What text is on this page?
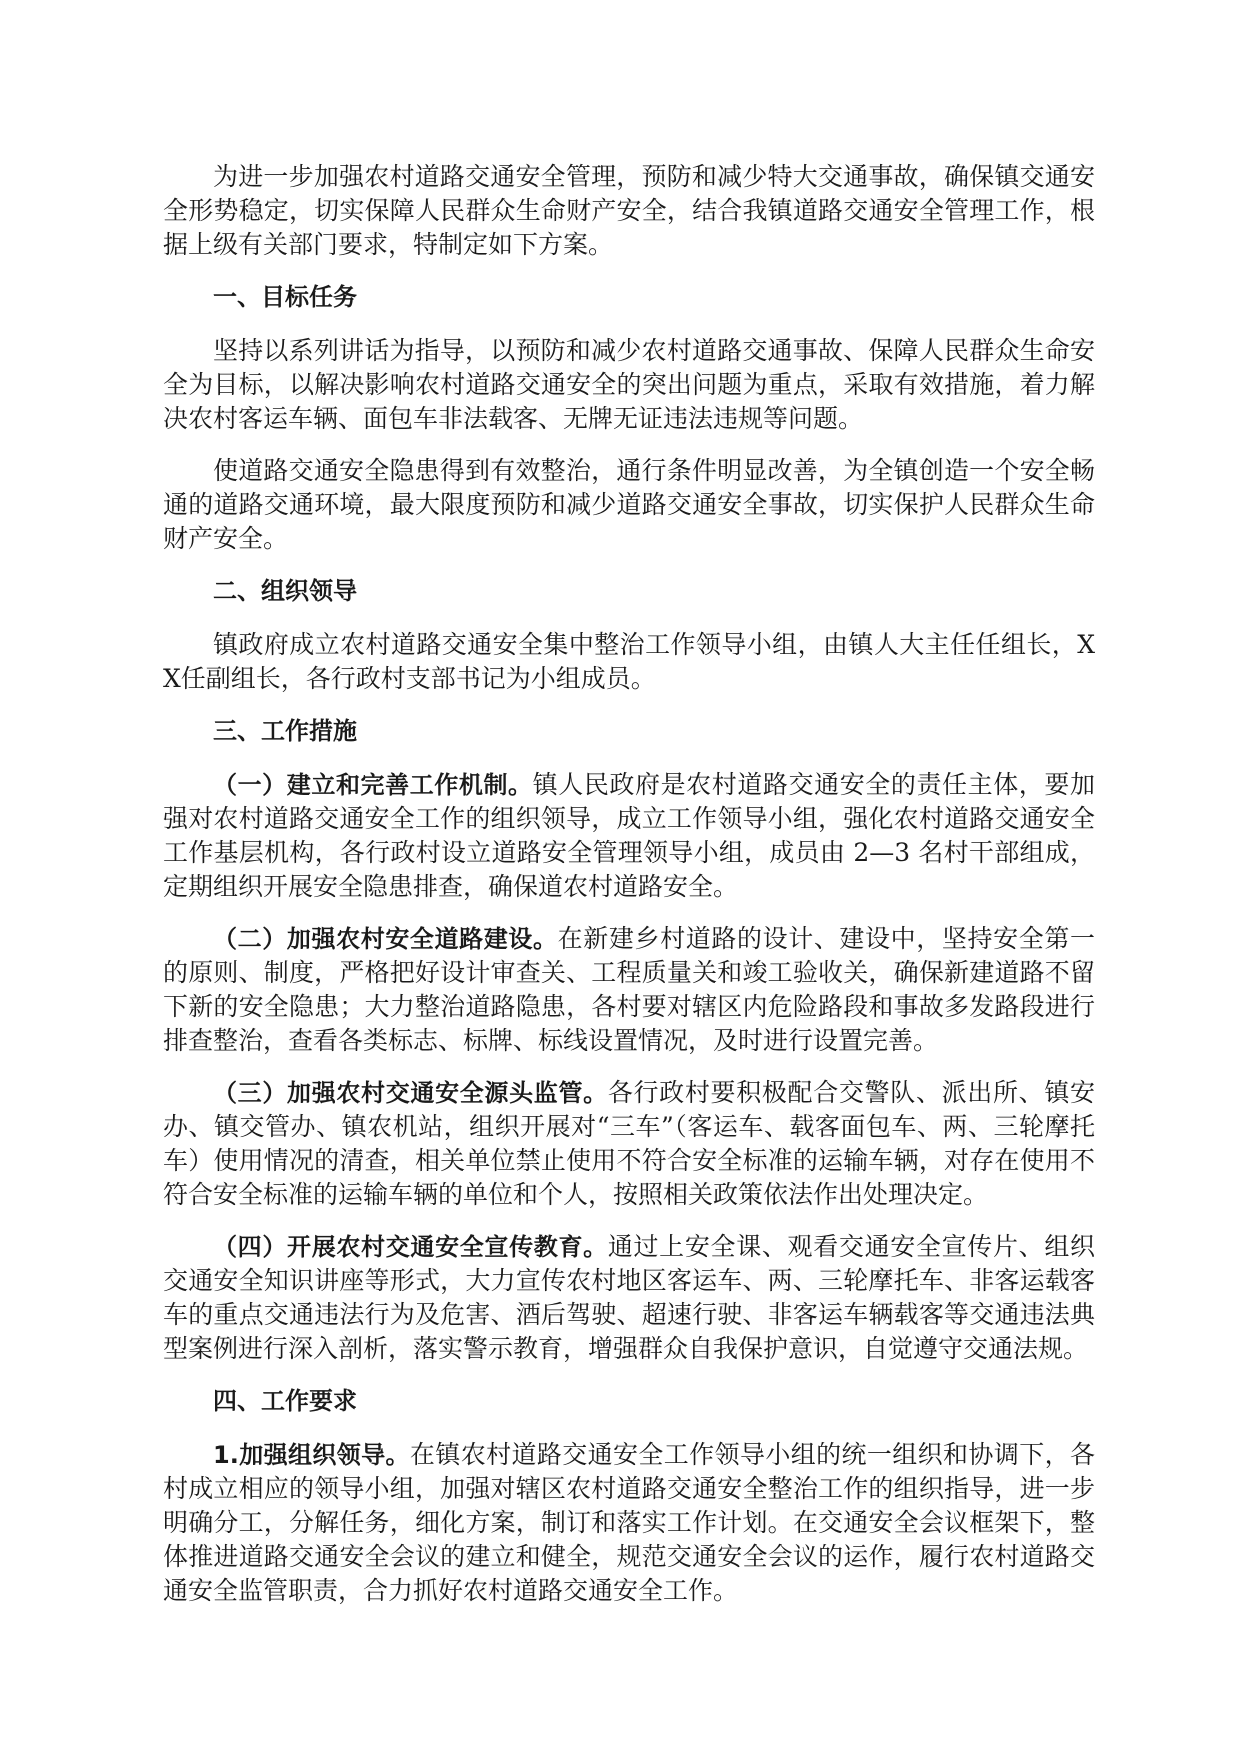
为进一步加强农村道路交通安全管理，预防和减少特大交通事故，确保镇交通安全形势稳定，切实保障人民群众生命财产安全，结合我镇道路交通安全管理工作，根据上级有关部门要求，特制定如下方案。

一、目标任务

坚持以系列讲话为指导，以预防和减少农村道路交通事故、保障人民群众生命安全为目标，以解决影响农村道路交通安全的突出问题为重点，采取有效措施，着力解决农村客运车辆、面包车非法载客、无牌无证违法违规等问题。

使道路交通安全隐患得到有效整治，通行条件明显改善，为全镇创造一个安全畅通的道路交通环境，最大限度预防和减少道路交通安全事故，切实保护人民群众生命财产安全。

二、组织领导

镇政府成立农村道路交通安全集中整治工作领导小组，由镇人大主任任组长，XX任副组长，各行政村支部书记为小组成员。

三、工作措施

（一）建立和完善工作机制。镇人民政府是农村道路交通安全的责任主体，要加强对农村道路交通安全工作的组织领导，成立工作领导小组，强化农村道路交通安全工作基层机构，各行政村设立道路安全管理领导小组，成员由 2—3 名村干部组成，定期组织开展安全隐患排查，确保道农村道路安全。

（二）加强农村安全道路建设。在新建乡村道路的设计、建设中，坚持安全第一的原则、制度，严格把好设计审查关、工程质量关和竣工验收关，确保新建道路不留下新的安全隐患；大力整治道路隐患，各村要对辖区内危险路段和事故多发路段进行排查整治，查看各类标志、标牌、标线设置情况，及时进行设置完善。

（三）加强农村交通安全源头监管。各行政村要积极配合交警队、派出所、镇安办、镇交管办、镇农机站，组织开展对“三车”（客运车、载客面包车、两、三轮摩托车）使用情况的清查，相关单位禁止使用不符合安全标准的运输车辆，对存在使用不符合安全标准的运输车辆的单位和个人，按照相关政策依法作出处理决定。

（四）开展农村交通安全宣传教育。通过上安全课、观看交通安全宣传片、组织交通安全知识讲座等形式，大力宣传农村地区客运车、两、三轮摩托车、非客运载客车的重点交通违法行为及危害、酒后驾驶、超速行驶、非客运车辆载客等交通违法典型案例进行深入剖析，落实警示教育，增强群众自我保护意识，自觉遵守交通法规。

四、工作要求

1.加强组织领导。在镇农村道路交通安全工作领导小组的统一组织和协调下，各村成立相应的领导小组，加强对辖区农村道路交通安全整治工作的组织指导，进一步明确分工，分解任务，细化方案，制订和落实工作计划。在交通安全会议框架下，整体推进道路交通安全会议的建立和健全，规范交通安全会议的运作，履行农村道路交通安全监管职责，合力抓好农村道路交通安全工作。
